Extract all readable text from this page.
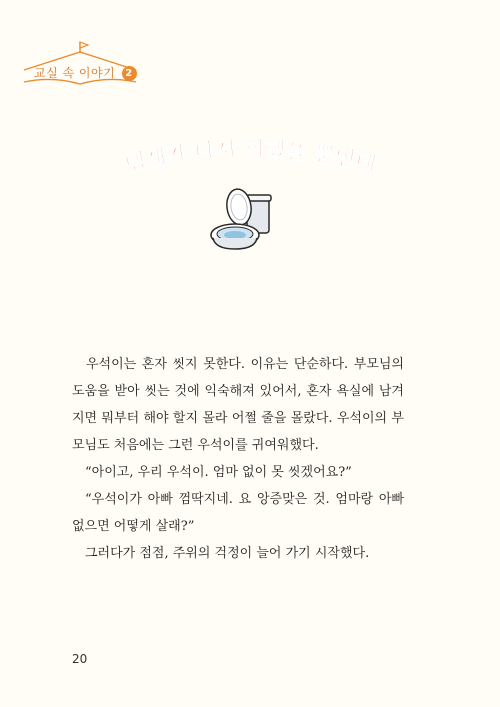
교실 속 이야기 2
냄새가 나서 피했을 뿐인데

우석이는 혼자 씻지 못한다. 이유는 단순하다. 부모님의 도움을 받아 씻는 것에 익숙해져 있어서, 혼자 욕실에 남겨지면 뭐부터 해야 할지 몰라 어쩔 줄을 몰랐다. 우석이의 부모님도 처음에는 그런 우석이를 귀여워했다.

“아이고, 우리 우석이. 엄마 없이 못 씻겠어요?”

“우석이가 아빠 껌딱지네. 요 앙증맞은 것. 엄마랑 아빠 없으면 어떻게 살래?”

그러다가 점점, 주위의 걱정이 늘어 가기 시작했다.

20
